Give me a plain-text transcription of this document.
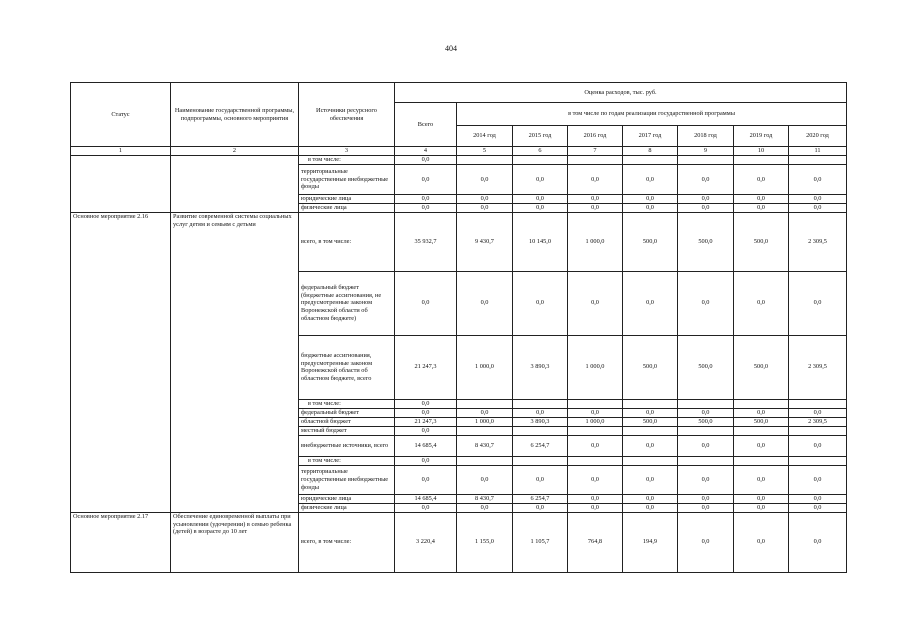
404
Статус	Наименование государственной программы, подпрограммы, основного мероприятия	Источники ресурсного обеспечения	Оценка расходов, тыс. руб.							
			Всего	в том числе по годам реализации государственной программы						
				2014 год	2015 год	2016 год	2017 год	2018 год	2019 год	2020 год
1	2	3	4	5	6	7	8	9	10	11
		в том числе:	0,0							
		территориальные государственные внебюджетные фонды	0,0	0,0	0,0	0,0	0,0	0,0	0,0	0,0
		юридические лица	0,0	0,0	0,0	0,0	0,0	0,0	0,0	0,0
		физические лица	0,0	0,0	0,0	0,0	0,0	0,0	0,0	0,0
Основное мероприятие 2.16	Развитие современной системы социальных услуг детям и семьям с детьми	всего, в том числе:	35 932,7	9 430,7	10 145,0	1 000,0	500,0	500,0	500,0	2 309,5
		федеральный бюджет (бюджетные ассигнования, не предусмотренные законом Воронежской области об областном бюджете)	0,0	0,0	0,0	0,0	0,0	0,0	0,0	0,0
		бюджетные ассигнования, предусмотренные законом Воронежской области об областном бюджете, всего	21 247,3	1 000,0	3 890,3	1 000,0	500,0	500,0	500,0	2 309,5
		в том числе:	0,0							
		федеральный бюджет	0,0	0,0	0,0	0,0	0,0	0,0	0,0	0,0
		областной бюджет	21 247,3	1 000,0	3 890,3	1 000,0	500,0	500,0	500,0	2 309,5
		местный бюджет	0,0							
		внебюджетные источники, всего	14 685,4	8 430,7	6 254,7	0,0	0,0	0,0	0,0	0,0
		в том числе:	0,0							
		территориальные государственные внебюджетные фонды	0,0	0,0	0,0	0,0	0,0	0,0	0,0	0,0
		юридические лица	14 685,4	8 430,7	6 254,7	0,0	0,0	0,0	0,0	0,0
		физические лица	0,0	0,0	0,0	0,0	0,0	0,0	0,0	0,0
Основное мероприятие 2.17	Обеспечение единовременной выплаты при усыновлении (удочерении) в семью ребенка (детей) в возрасте до 10 лет	всего, в том числе:	3 220,4	1 155,0	1 105,7	764,8	194,9	0,0	0,0	0,0
